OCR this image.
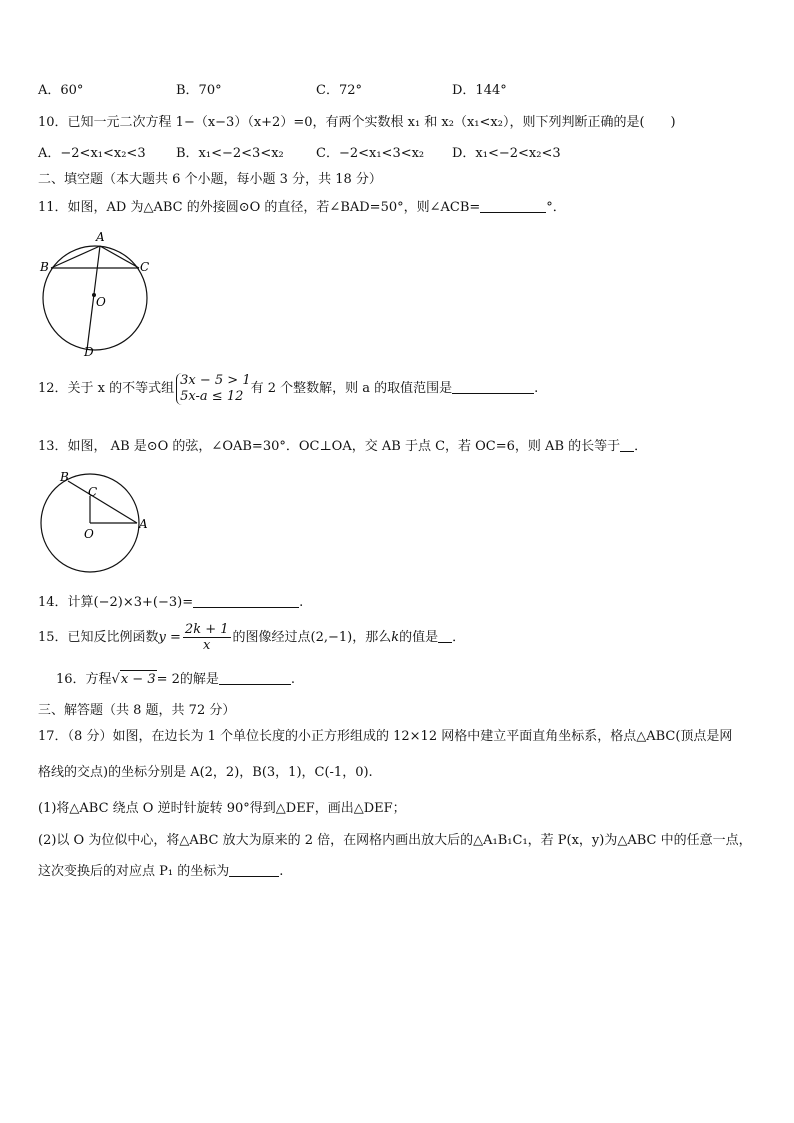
A．60°	B．70°	C．72°	D．144°
10．已知一元二次方程 1−（x−3）（x+2）=0，有两个实数根 x₁ 和 x₂（x₁<x₂），则下列判断正确的是(　　)
A．−2<x₁<x₂<3 B．x₁<−2<3<x₂ C．−2<x₁<3<x₂ D．x₁<−2<x₂<3
二、填空题（本大题共 6 个小题，每小题 3 分，共 18 分）
11．如图，AD 为△ABC 的外接圆⊙O 的直径，若∠BAD=50°，则∠ACB=	°．
A
B	C
O
D
12．关于 x 的不等式组
3x − 5 > 1
5x-a ≤ 12 有 2 个整数解，则 a 的取值范围是	.
13．如图， AB 是⊙O 的弦，∠OAB=30°．OC⊥OA，交 AB 于点 C，若 OC=6，则 AB 的长等于 ．
B
C
O
A
14．计算(−2)×3+(−3)=	.
15．已知反比例函数$y = \frac{2k + 1}{x}$ 的图像经过点(2,−1)，那么k的值是 ．
16．方程√x − 3= 2的解是	.
三、解答题（共 8 题，共 72 分）
17．（8 分）如图，在边长为 1 个单位长度的小正方形组成的 12×12 网格中建立平面直角坐标系，格点△ABC(顶点是网
格线的交点)的坐标分别是 A(2，2)，B(3，1)，C(-1，0).
(1)将△ABC 绕点 O 逆时针旋转 90°得到△DEF，画出△DEF；
(2)以 O 为位似中心，将△ABC 放大为原来的 2 倍，在网格内画出放大后的△A₁B₁C₁，若 P(x，y)为△ABC 中的任意一点，
这次变换后的对应点 P₁ 的坐标为	.
